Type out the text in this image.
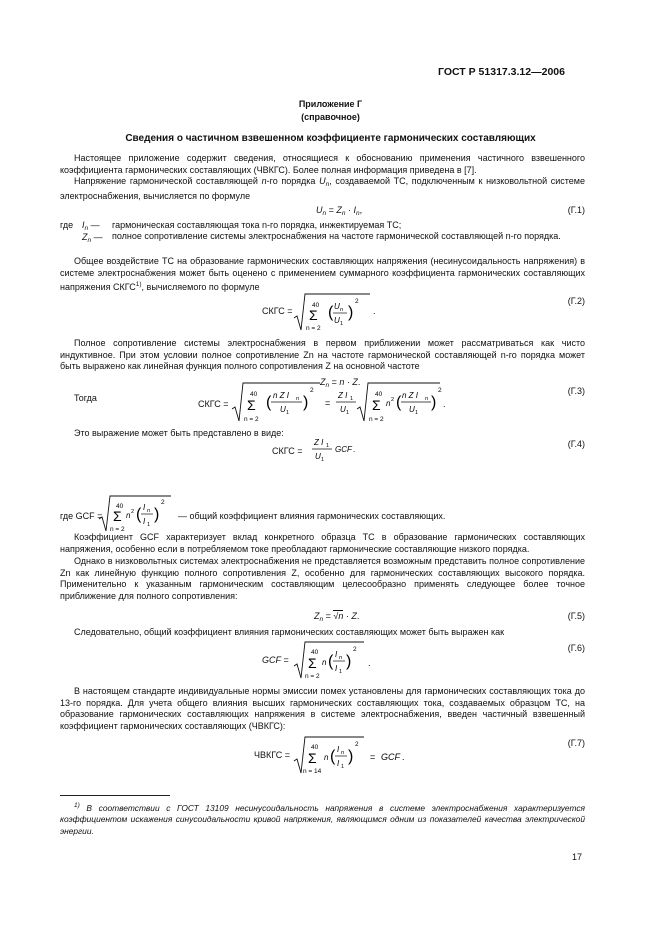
ГОСТ Р 51317.3.12—2006
Приложение Г
(справочное)
Сведения о частичном взвешенном коэффициенте гармонических составляющих
Настоящее приложение содержит сведения, относящиеся к обоснованию применения частичного взвешенного коэффициента гармонических составляющих (ЧВКГС). Более полная информация приведена в [7].
Напряжение гармонической составляющей n-го порядка $U_n$, создаваемой ТС, подключенным к низковольтной системе электроснабжения, вычисляется по формуле
$U_n = Z_n \cdot I_n$,	(Г.1)
где $I_n$ — гармоническая составляющая тока n-го порядка, инжектируемая ТС;
$Z_n$ — полное сопротивление системы электроснабжения на частоте гармонической составляющей n-го порядка.
Общее воздействие ТС на образование гармонических составляющих напряжения (несинусоидальность напряжения) в системе электроснабжения может быть оценено с применением суммарного коэффициента гармонических составляющих напряжения СКГС$^{1)}$, вычисляемого по формуле
СКГС =
40
Σ
n = 2
( U n
U 1
)
2
.
(Г.2)
Полное сопротивление системы электроснабжения в первом приближении может рассматриваться как чисто индуктивное. При этом условии полное сопротивление Zn на частоте гармонической составляющей n-го порядка может быть выражено как линейная функция полного сопротивления Z на основной частоте
$Z_n = n \cdot Z$.
Тогда
СКГС =
40
Σ
n = 2
( n Z I n
U 1
)
2
=
Z I 1
U 1
40
Σ
n = 2
n 2 ( n Z I n
U 1
)
2
.
(Г.3)
Это выражение может быть представлено в виде:
СКГС =
Z I 1
U 1
GCF .
(Г.4)
где GCF =
40
Σ
n = 2
n 2 ( I n
I 1
)
2
— общий коэффициент влияния гармонических составляющих.
Коэффициент GCF характеризует вклад конкретного образца ТС в образование гармонических составляющих напряжения, особенно если в потребляемом токе преобладают гармонические составляющие низкого порядка.
Однако в низковольтных системах электроснабжения не представляется возможным представить полное сопротивление Zn как линейную функцию полного сопротивления Z, особенно для гармонических составляющих высокого порядка. Применительно к указанным гармоническим составляющим целесообразно применять следующее более точное приближение для полного сопротивления:
$Z_n = √n \cdot Z$.	(Г.5)
Следовательно, общий коэффициент влияния гармонических составляющих может быть выражен как
GCF =
40
Σ
n = 2
n ( I n
I 1
)
2
.
(Г.6)
В настоящем стандарте индивидуальные нормы эмиссии помех установлены для гармонических составляющих тока до 13-го порядка. Для учета общего влияния высших гармонических составляющих тока, создаваемых образцом ТС, на образование гармонических составляющих напряжения в системе электроснабжения, введен частичный взвешенный коэффициент гармонических составляющих (ЧВКГС):
ЧВКГС =
40
Σ
n = 14
n ( I n
I 1
)
2
= GCF .
(Г.7)
$^{1)}$ В соответствии с ГОСТ 13109 несинусоидальность напряжения в системе электроснабжения характеризуется коэффициентом искажения синусоидальности кривой напряжения, являющимся одним из показателей качества электрической энергии.
17
